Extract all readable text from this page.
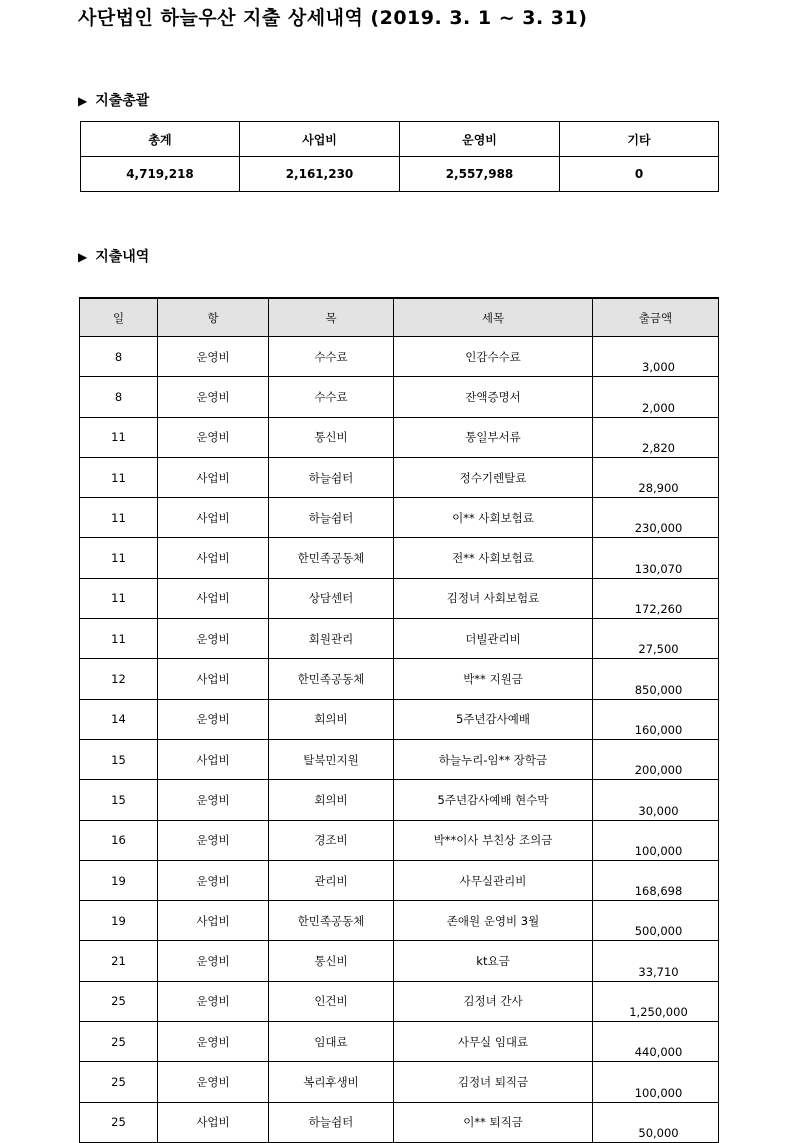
사단법인 하늘우산 지출 상세내역 (2019. 3. 1 ~ 3. 31)
▶ 지출총괄
총계	사업비	운영비	기타
4,719,218	2,161,230	2,557,988	0
▶ 지출내역
일	항	목	세목	출금액
8	운영비	수수료	인감수수료	3,000
8	운영비	수수료	잔액증명서	2,000
11	운영비	통신비	통일부서류	2,820
11	사업비	하늘쉼터	정수기렌탈료	28,900
11	사업비	하늘쉼터	이** 사회보험료	230,000
11	사업비	한민족공동체	전** 사회보험료	130,070
11	사업비	상담센터	김정녀 사회보험료	172,260
11	운영비	회원관리	더빌관리비	27,500
12	사업비	한민족공동체	박** 지원금	850,000
14	운영비	회의비	5주년감사예배	160,000
15	사업비	탈북민지원	하늘누리-임** 장학금	200,000
15	운영비	회의비	5주년감사예배 현수막	30,000
16	운영비	경조비	박**이사 부친상 조의금	100,000
19	운영비	관리비	사무실관리비	168,698
19	사업비	한민족공동체	존애원 운영비 3월	500,000
21	운영비	통신비	kt요금	33,710
25	운영비	인건비	김정녀 간사	1,250,000
25	운영비	임대료	사무실 임대료	440,000
25	운영비	복리후생비	김정녀 퇴직금	100,000
25	사업비	하늘쉼터	이** 퇴직금	50,000
